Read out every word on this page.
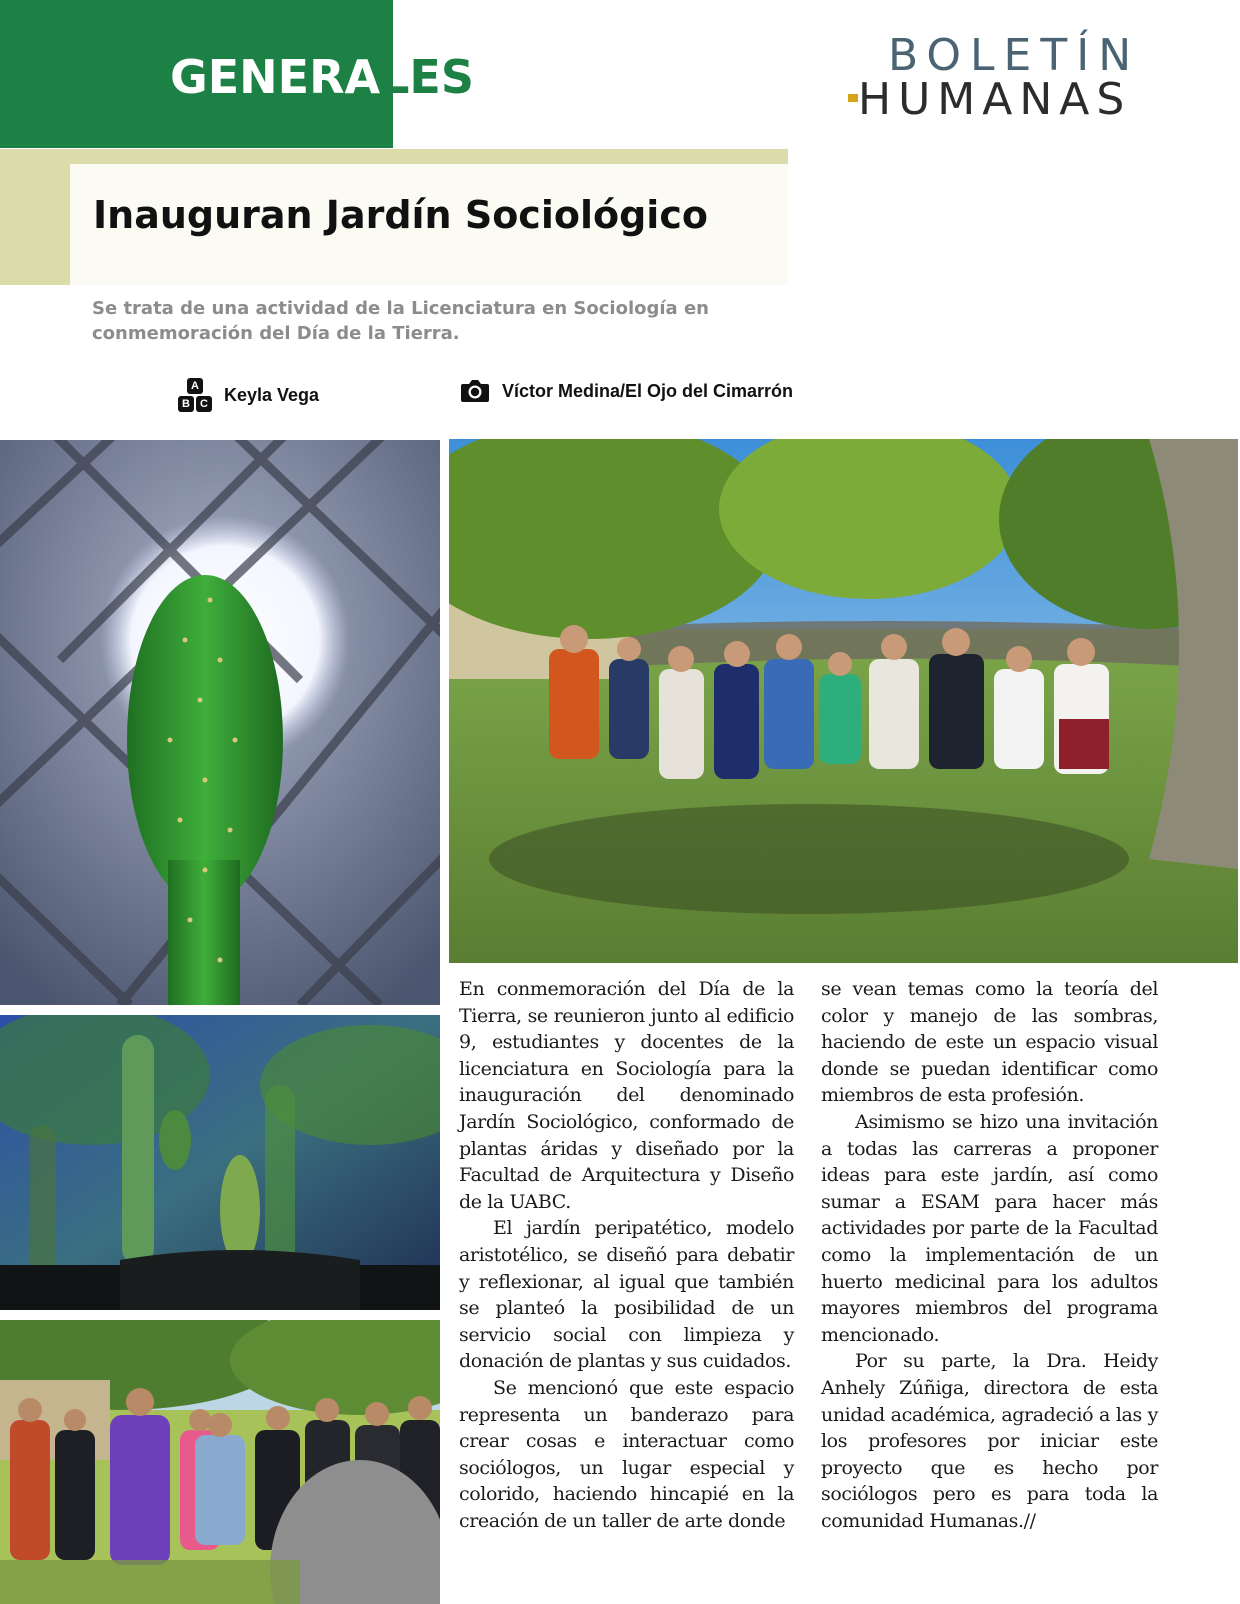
GENERALES	BOLETÍN
HUMANAS
Inauguran Jardín Sociológico

Se trata de una actividad de la Licenciatura en Sociología en conmemoración del Día de la Tierra.

A
B C Keyla Vega	Víctor Medina/El Ojo del Cimarrón

En conmemoración del Día de la Tierra, se reunieron junto al edificio 9, estudiantes y docentes de la licenciatura en Sociología para la inauguración del denominado Jardín Sociológico, conformado de plantas áridas y diseñado por la Facultad de Arquitectura y Diseño de la UABC.

El jardín peripatético, modelo aristotélico, se diseñó para debatir y reflexionar, al igual que también se planteó la posibilidad de un servicio social con limpieza y donación de plantas y sus cuidados.

Se mencionó que este espacio representa un banderazo para crear cosas e interactuar como sociólogos, un lugar especial y colorido, haciendo hincapié en la creación de un taller de arte donde

se vean temas como la teoría del color y manejo de las sombras, haciendo de este un espacio visual donde se puedan identificar como miembros de esta profesión.

Asimismo se hizo una invitación a todas las carreras a proponer ideas para este jardín, así como sumar a ESAM para hacer más actividades por parte de la Facultad como la implementación de un huerto medicinal para los adultos mayores miembros del programa mencionado.

Por su parte, la Dra. Heidy Anhely Zúñiga, directora de esta unidad académica, agradeció a las y los profesores por iniciar este proyecto que es hecho por sociólogos pero es para toda la comunidad Humanas.//
